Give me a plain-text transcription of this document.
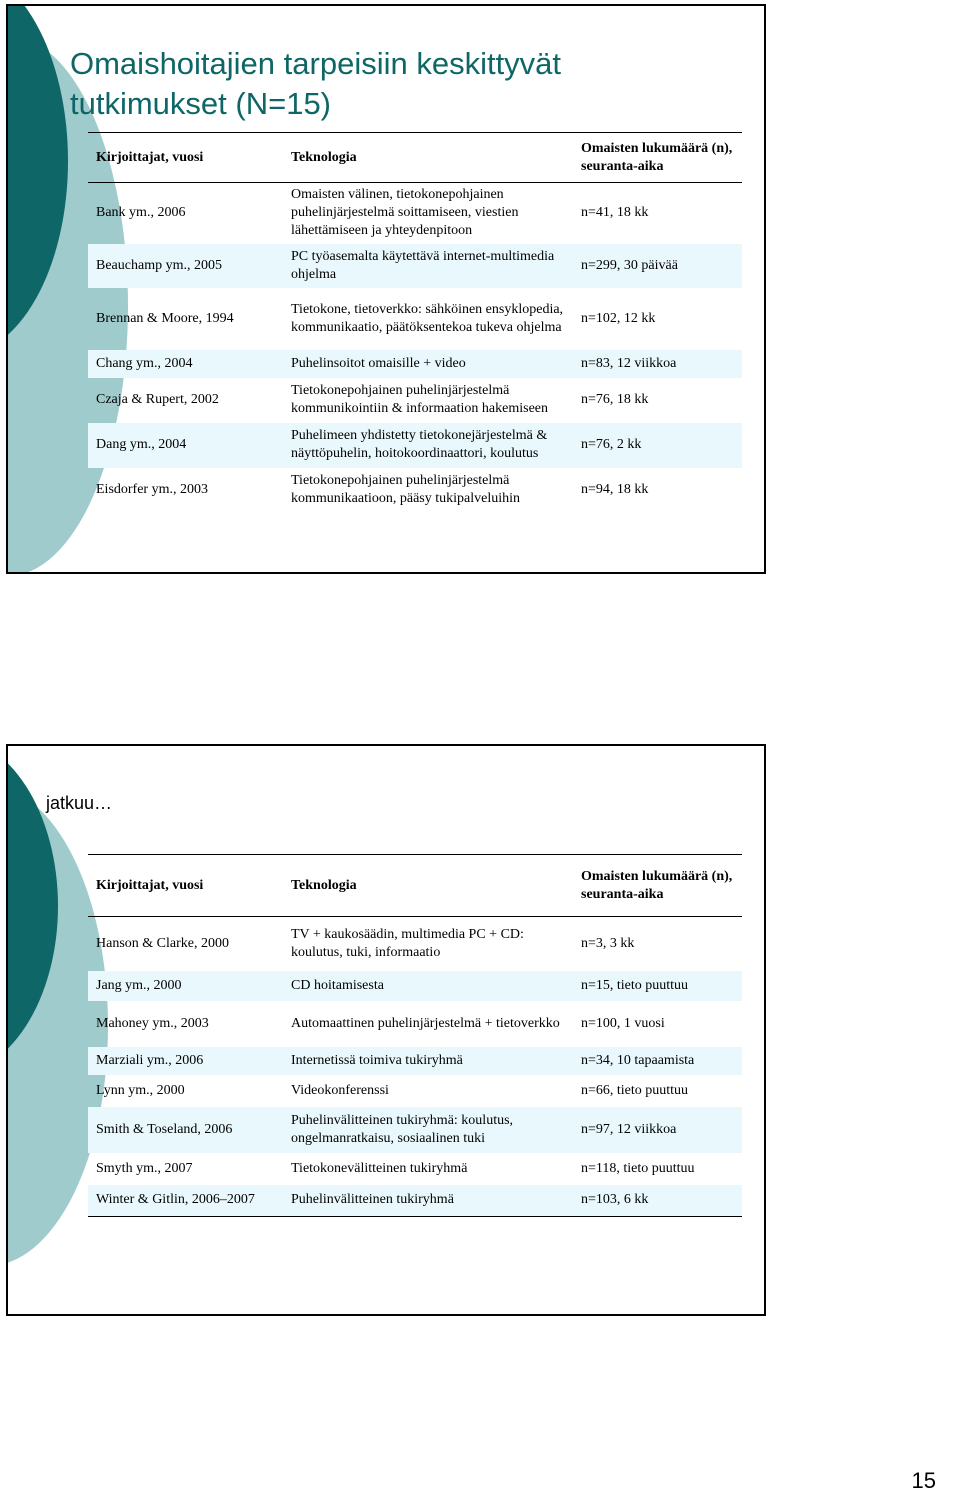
Omaishoitajien tarpeisiin keskittyvät tutkimukset (N=15)
Kirjoittajat, vuosi	Teknologia	Omaisten lukumäärä (n), seuranta-aika
Bank ym., 2006	Omaisten välinen, tietokonepohjainen puhelinjärjestelmä soittamiseen, viestien lähettämiseen ja yhteydenpitoon	n=41, 18 kk
Beauchamp ym., 2005	PC työasemalta käytettävä internet-multimedia ohjelma	n=299, 30 päivää
Brennan & Moore, 1994	Tietokone, tietoverkko: sähköinen ensyklopedia, kommunikaatio, päätöksentekoa tukeva ohjelma	n=102, 12 kk
Chang ym., 2004	Puhelinsoitot omaisille + video	n=83, 12 viikkoa
Czaja & Rupert, 2002	Tietokonepohjainen puhelinjärjestelmä kommunikointiin & informaation hakemiseen	n=76, 18 kk
Dang ym., 2004	Puhelimeen yhdistetty tietokonejärjestelmä & näyttöpuhelin, hoitokoordinaattori, koulutus	n=76, 2 kk
Eisdorfer ym., 2003	Tietokonepohjainen puhelinjärjestelmä kommunikaatioon, pääsy tukipalveluihin	n=94, 18 kk
jatkuu…
Kirjoittajat, vuosi	Teknologia	Omaisten lukumäärä (n), seuranta-aika
Hanson & Clarke, 2000	TV + kaukosäädin, multimedia PC + CD: koulutus, tuki, informaatio	n=3, 3 kk
Jang ym., 2000	CD hoitamisesta	n=15, tieto puuttuu
Mahoney ym., 2003	Automaattinen puhelinjärjestelmä + tietoverkko	n=100, 1 vuosi
Marziali ym., 2006	Internetissä toimiva tukiryhmä	n=34, 10 tapaamista
Lynn ym., 2000	Videokonferenssi	n=66, tieto puuttuu
Smith & Toseland, 2006	Puhelinvälitteinen tukiryhmä: koulutus, ongelmanratkaisu, sosiaalinen tuki	n=97, 12 viikkoa
Smyth ym., 2007	Tietokonevälitteinen tukiryhmä	n=118, tieto puuttuu
Winter & Gitlin, 2006–2007	Puhelinvälitteinen tukiryhmä	n=103, 6 kk
15
